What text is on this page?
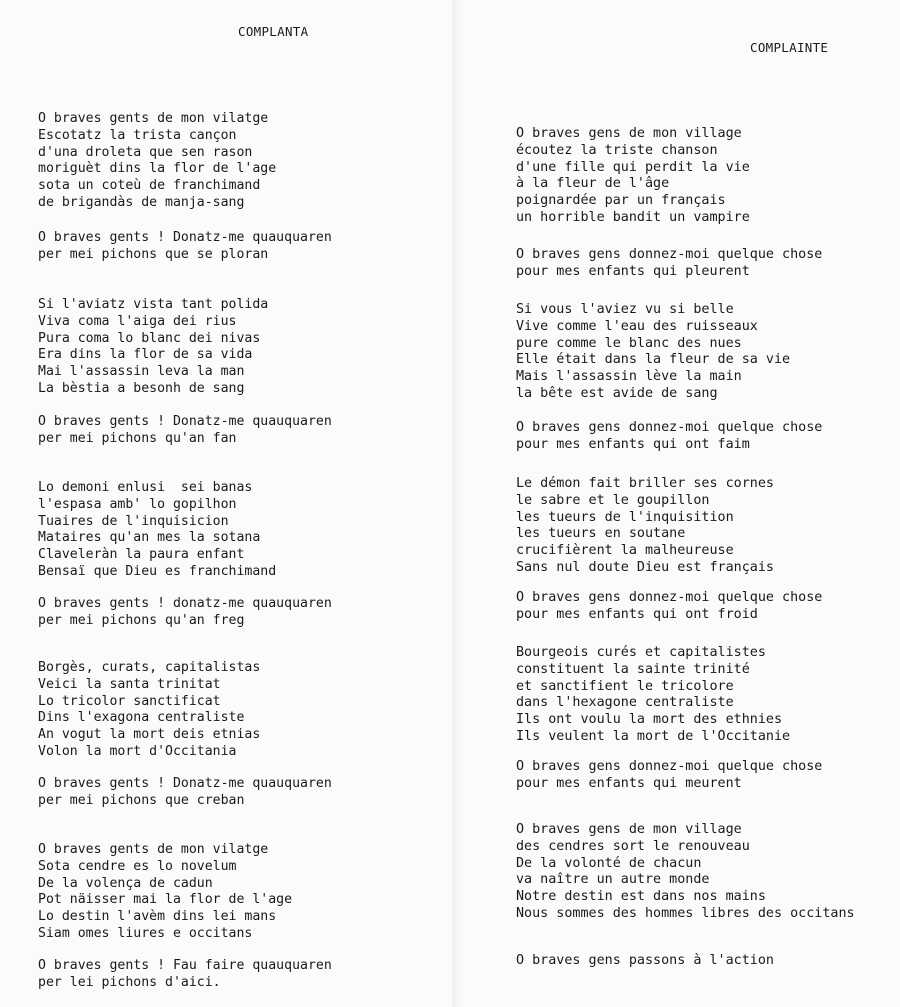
COMPLANTA
O braves gents de mon vilatge
Escotatz la trista cançon
d'una droleta que sen rason
moriguèt dins la flor de l'age
sota un coteù de franchimand
de brigandàs de manja-sang
O braves gents ! Donatz-me quauquaren
per mei pichons que se ploran
Si l'aviatz vista tant polida
Viva coma l'aiga dei rius
Pura coma lo blanc dei nivas
Era dins la flor de sa vida
Mai l'assassin leva la man
La bèstia a besonh de sang
O braves gents ! Donatz-me quauquaren
per mei pichons qu'an fan
Lo demoni enlusi  sei banas
l'espasa amb' lo gopilhon
Tuaires de l'inquisicion
Mataires qu'an mes la sotana
Claveleràn la paura enfant
Bensaï que Dieu es franchimand
O braves gents ! donatz-me quauquaren
per mei pichons qu'an freg
Borgès, curats, capitalistas
Veici la santa trinitat
Lo tricolor sanctificat
Dins l'exagona centraliste
An vogut la mort deis etnias
Volon la mort d'Occitania
O braves gents ! Donatz-me quauquaren
per mei pichons que creban
O braves gents de mon vilatge
Sota cendre es lo novelum
De la volença de cadun
Pot näisser mai la flor de l'age
Lo destin l'avèm dins lei mans
Siam omes liures e occitans
O braves gents ! Fau faire quauquaren
per lei pichons d'aici.
COMPLAINTE
O braves gens de mon village
écoutez la triste chanson
d'une fille qui perdit la vie
à la fleur de l'âge
poignardée par un français
un horrible bandit un vampire
O braves gens donnez-moi quelque chose
pour mes enfants qui pleurent
Si vous l'aviez vu si belle
Vive comme l'eau des ruisseaux
pure comme le blanc des nues
Elle était dans la fleur de sa vie
Mais l'assassin lève la main
la bête est avide de sang
O braves gens donnez-moi quelque chose
pour mes enfants qui ont faim
Le démon fait briller ses cornes
le sabre et le goupillon
les tueurs de l'inquisition
les tueurs en soutane
crucifièrent la malheureuse
Sans nul doute Dieu est français
O braves gens donnez-moi quelque chose
pour mes enfants qui ont froid
Bourgeois curés et capitalistes
constituent la sainte trinité
et sanctifient le tricolore
dans l'hexagone centraliste
Ils ont voulu la mort des ethnies
Ils veulent la mort de l'Occitanie
O braves gens donnez-moi quelque chose
pour mes enfants qui meurent
O braves gens de mon village
des cendres sort le renouveau
De la volonté de chacun
va naître un autre monde
Notre destin est dans nos mains
Nous sommes des hommes libres des occitans
O braves gens passons à l'action
